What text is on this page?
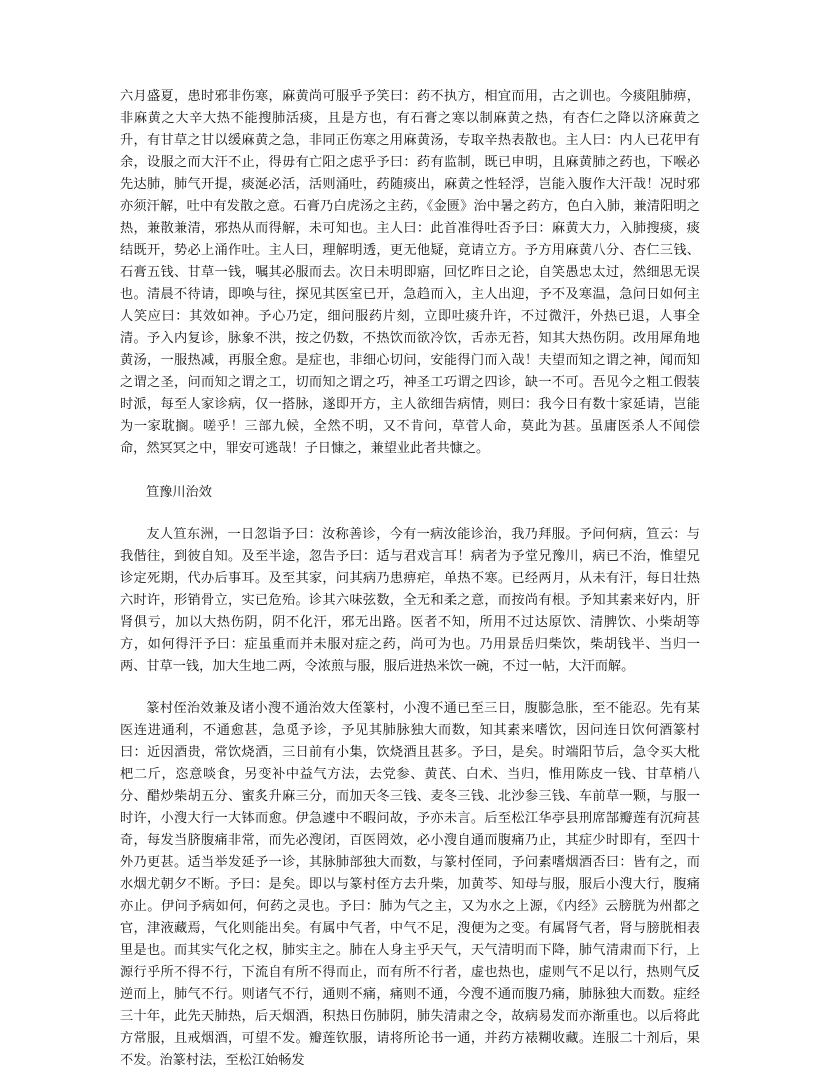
六月盛夏，患时邪非伤寒，麻黄尚可服乎予笑曰：药不执方，相宜而用，古之训也。今痰阻肺痹，非麻黄之大辛大热不能搜肺活痰，且是方也，有石膏之寒以制麻黄之热，有杏仁之降以济麻黄之升，有甘草之甘以缓麻黄之急，非同正伤寒之用麻黄汤，专取辛热表散也。主人曰：内人已花甲有余，设服之而大汗不止，得毋有亡阳之虑乎予曰：药有监制，既已申明，且麻黄肺之药也，下喉必先达肺，肺气开提，痰涎必活，活则涌吐，药随痰出，麻黄之性轻浮，岂能入腹作大汗哉！况时邪亦须汗解，吐中有发散之意。石膏乃白虎汤之主药，《金匮》治中暑之药方，色白入肺，兼清阳明之热，兼散兼清，邪热从而得解，未可知也。主人曰：此首准得吐否予曰：麻黄大力，入肺搜痰，痰结既开，势必上涌作吐。主人曰，理解明透，更无他疑，竟请立方。予方用麻黄八分、杏仁三钱、石膏五钱、甘草一钱，嘱其必服而去。次日未明即寤，回忆昨日之论，自笑愚忠太过，然细思无误也。清晨不待请，即唤与往，探见其医室已开，急趋而入，主人出迎，予不及寒温，急问日如何主人笑应曰：其效如神。予心乃定，细问服药片刻，立即吐痰升许，不过微汗，外热已退，人事全清。予入内复诊，脉象不洪，按之仍数，不热饮而欲冷饮，舌赤无苔，知其大热伤阴。改用犀角地黄汤，一服热减，再服全愈。是症也，非细心切问，安能得门而入哉！夫望而知之谓之神，闻而知之谓之圣，问而知之谓之工，切而知之谓之巧，神圣工巧谓之四诊，缺一不可。吾见今之粗工假装时派，每至人家诊病，仅一搭脉，遂即开方，主人欲细告病情，则曰：我今日有数十家延请，岂能为一家耽搁。嗟乎！三部九候，全然不明，又不肯问，草菅人命，莫此为甚。虽庸医杀人不闻偿命，然冥冥之中，罪安可逃哉！子日慷之，兼望业此者共慷之。

笪豫川治效

友人笪东洲，一日忽诣予曰：汝称善诊，今有一病汝能诊治，我乃拜服。予问何病，笪云：与我偕往，到彼自知。及至半途，忽告予曰：适与君戏言耳！病者为予堂兄豫川，病已不治，惟望兄诊定死期，代办后事耳。及至其家，问其病乃患痹疟，单热不寒。已经两月，从未有汗，每日壮热六时许，形销骨立，实已危殆。诊其六味弦数，全无和柔之意，而按尚有根。予知其素来好内，肝肾俱亏，加以大热伤阴，阴不化汗，邪无出路。医者不知，所用不过达原饮、清脾饮、小柴胡等方，如何得汗予曰：症虽重而并未服对症之药，尚可为也。乃用景岳归柴饮，柴胡钱半、当归一两、甘草一钱，加大生地二两，令浓煎与服，服后进热米饮一碗，不过一帖，大汗而解。

篆村侄治效兼及诸小溲不通治效大侄篆村，小溲不通已至三日，腹膨急胀，至不能忍。先有某医连进通利，不通愈甚，急觅予诊，予见其肺脉独大而数，知其素来嗜饮，因问连日饮何酒篆村曰：近因酒贵，常饮烧酒，三日前有小集，饮烧酒且甚多。予曰，是矣。时端阳节后，急令买大枇杷二斤，恣意啖食，另变补中益气方法，去党参、黄芪、白术、当归，惟用陈皮一钱、甘草梢八分、醋炒柴胡五分、蜜炙升麻三分，而加天冬三钱、麦冬三钱、北沙参三钱、车前草一颗，与服一时许，小溲大行一大钵而愈。伊急遽中不暇问故，予亦未言。后至松江华亭县刑席郜瓣莲有沉疴甚奇，每发当脐腹痛非常，而先必溲闭，百医罔效，必小溲自通而腹痛乃止，其症少时即有，至四十外乃更甚。适当举发延予一诊，其脉肺部独大而数，与篆村侄同，予问素嗜烟酒否曰：皆有之，而水烟尤朝夕不断。予曰：是矣。即以与篆村侄方去升柴，加黄芩、知母与服，服后小溲大行，腹痛亦止。伊问予病如何，何药之灵也。予曰：肺为气之主，又为水之上源，《内经》云膀胱为州都之官，津液藏焉，气化则能出矣。有属中气者，中气不足，溲便为之变。有属肾气者，肾与膀胱相表里是也。而其实气化之权，肺实主之。肺在人身主乎天气，天气清明而下降，肺气清肃而下行，上源行乎所不得不行，下流自有所不得而止，而有所不行者，虚也热也，虚则气不足以行，热则气反逆而上，肺气不行。则诸气不行，通则不痛，痛则不通，今溲不通而腹乃痛，肺脉独大而数。症经三十年，此先天肺热，后天烟酒，积热日伤肺阴，肺失清肃之令，故病易发而亦渐重也。以后将此方常服，且戒烟酒，可望不发。瓣莲钦服，请将所论书一通，并药方裱糊收藏。连服二十剂后，果不发。治篆村法，至松江始畅发
